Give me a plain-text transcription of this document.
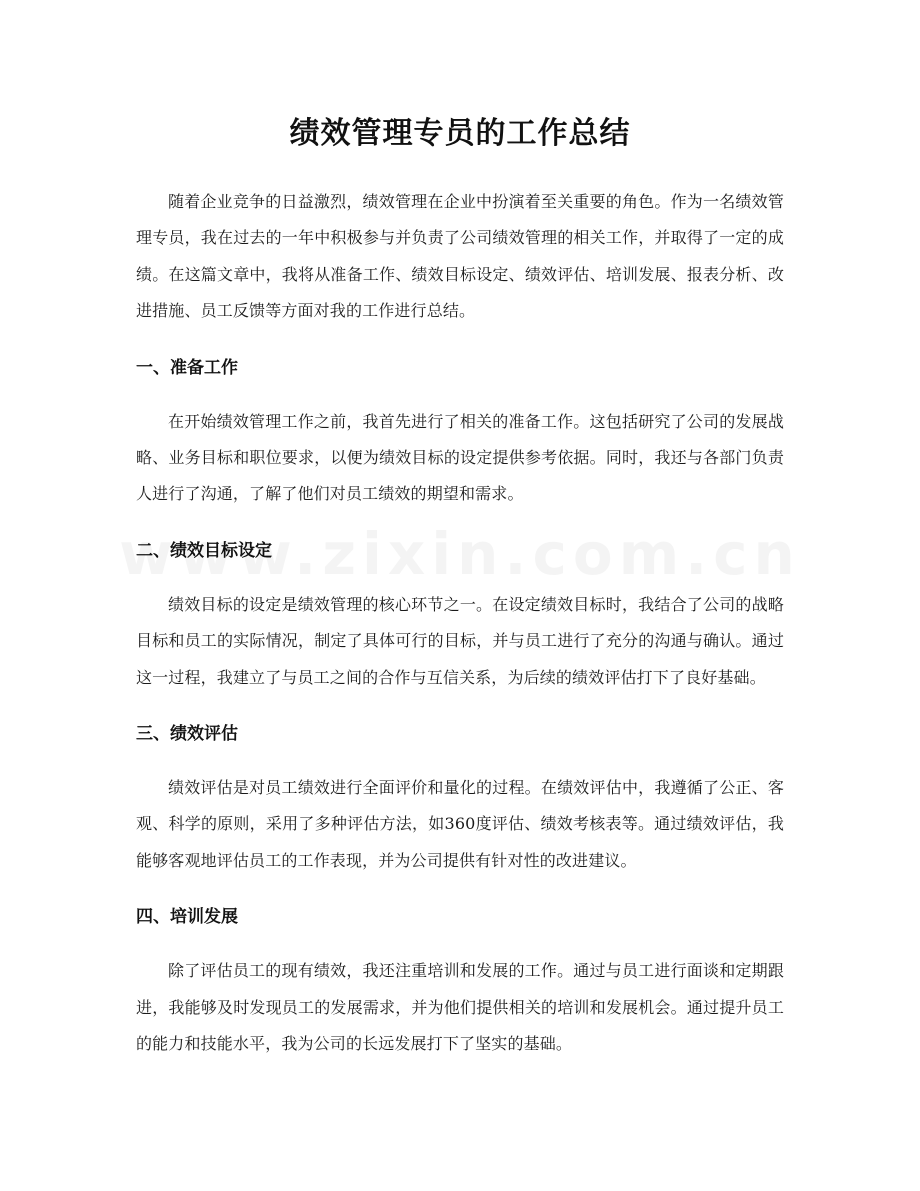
绩效管理专员的工作总结

随着企业竞争的日益激烈，绩效管理在企业中扮演着至关重要的角色。作为一名绩效管理专员，我在过去的一年中积极参与并负责了公司绩效管理的相关工作，并取得了一定的成绩。在这篇文章中，我将从准备工作、绩效目标设定、绩效评估、培训发展、报表分析、改进措施、员工反馈等方面对我的工作进行总结。

一、准备工作

在开始绩效管理工作之前，我首先进行了相关的准备工作。这包括研究了公司的发展战略、业务目标和职位要求，以便为绩效目标的设定提供参考依据。同时，我还与各部门负责人进行了沟通，了解了他们对员工绩效的期望和需求。

二、绩效目标设定

绩效目标的设定是绩效管理的核心环节之一。在设定绩效目标时，我结合了公司的战略目标和员工的实际情况，制定了具体可行的目标，并与员工进行了充分的沟通与确认。通过这一过程，我建立了与员工之间的合作与互信关系，为后续的绩效评估打下了良好基础。

三、绩效评估

绩效评估是对员工绩效进行全面评价和量化的过程。在绩效评估中，我遵循了公正、客观、科学的原则，采用了多种评估方法，如360度评估、绩效考核表等。通过绩效评估，我能够客观地评估员工的工作表现，并为公司提供有针对性的改进建议。

四、培训发展

除了评估员工的现有绩效，我还注重培训和发展的工作。通过与员工进行面谈和定期跟进，我能够及时发现员工的发展需求，并为他们提供相关的培训和发展机会。通过提升员工的能力和技能水平，我为公司的长远发展打下了坚实的基础。
